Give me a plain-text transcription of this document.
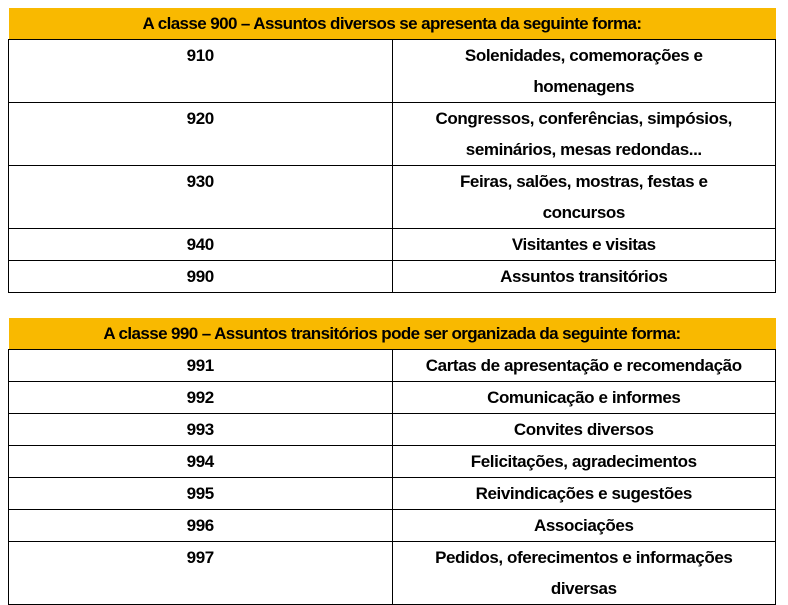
A classe 900 – Assuntos diversos se apresenta da seguinte forma:	
910	Solenidades, comemorações e
homenagens

920	Congressos, conferências, simpósios,
seminários, mesas redondas...

930	Feiras, salões, mostras, festas e
concursos

940	Visitantes e visitas

990	Assuntos transitórios
A classe 990 – Assuntos transitórios pode ser organizada da seguinte forma:	
991	Cartas de apresentação e recomendação

992	Comunicação e informes

993	Convites diversos

994	Felicitações, agradecimentos

995	Reivindicações e sugestões

996	Associações

997	Pedidos, oferecimentos e informações
diversas
